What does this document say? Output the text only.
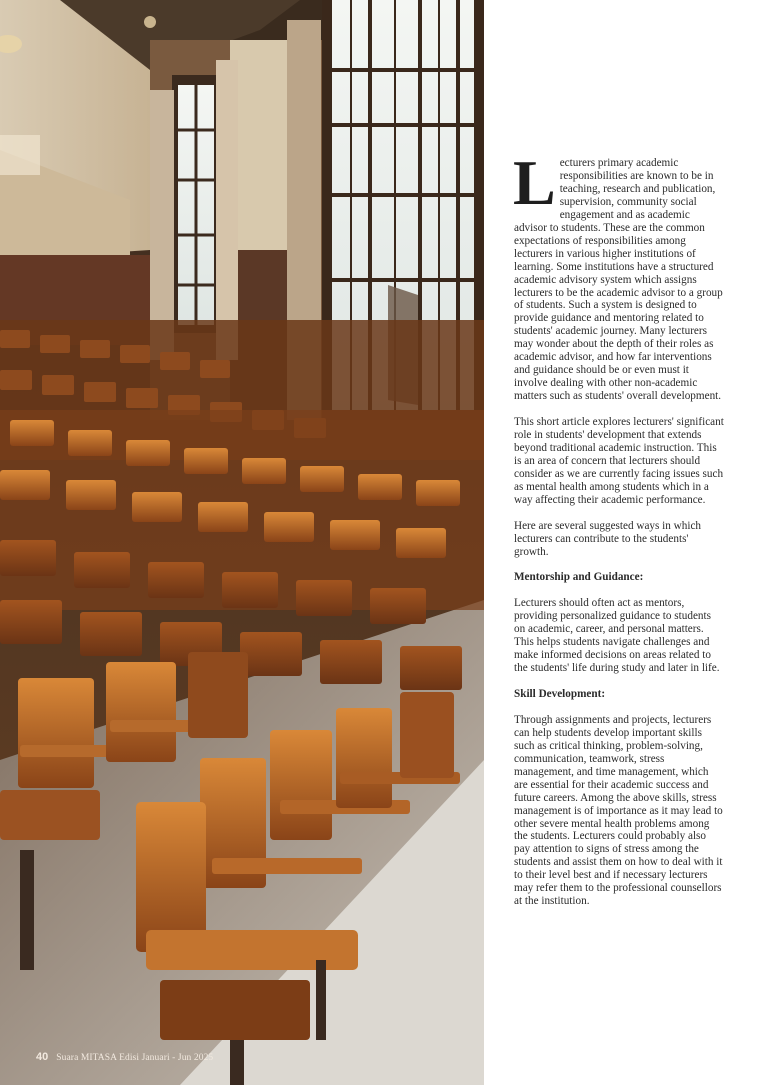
40 Suara MITASA Edisi Januari - Jun 2025

Lecturers primary academic responsibilities are known to be in teaching, research and publication, supervision, community social engagement and as academic advisor to students. These are the common expectations of responsibilities among lecturers in various higher institutions of learning. Some institutions have a structured academic advisory system which assigns lecturers to be the academic advisor to a group of students. Such a system is designed to provide guidance and mentoring related to students' academic journey. Many lecturers may wonder about the depth of their roles as academic advisor, and how far interventions and guidance should be or even must it involve dealing with other non-academic matters such as students' overall development.

This short article explores lecturers' significant role in students' development that extends beyond traditional academic instruction. This is an area of concern that lecturers should consider as we are currently facing issues such as mental health among students which in a way affecting their academic performance.

Here are several suggested ways in which lecturers can contribute to the students' growth.

Mentorship and Guidance:

Lecturers should often act as mentors, providing personalized guidance to students on academic, career, and personal matters. This helps students navigate challenges and make informed decisions on areas related to the students' life during study and later in life.

Skill Development:

Through assignments and projects, lecturers can help students develop important skills such as critical thinking, problem-solving, communication, teamwork, stress management, and time management, which are essential for their academic success and future careers. Among the above skills, stress management is of importance as it may lead to other severe mental health problems among the students. Lecturers could probably also pay attention to signs of stress among the students and assist them on how to deal with it to their level best and if necessary lecturers may refer them to the professional counsellors at the institution.
